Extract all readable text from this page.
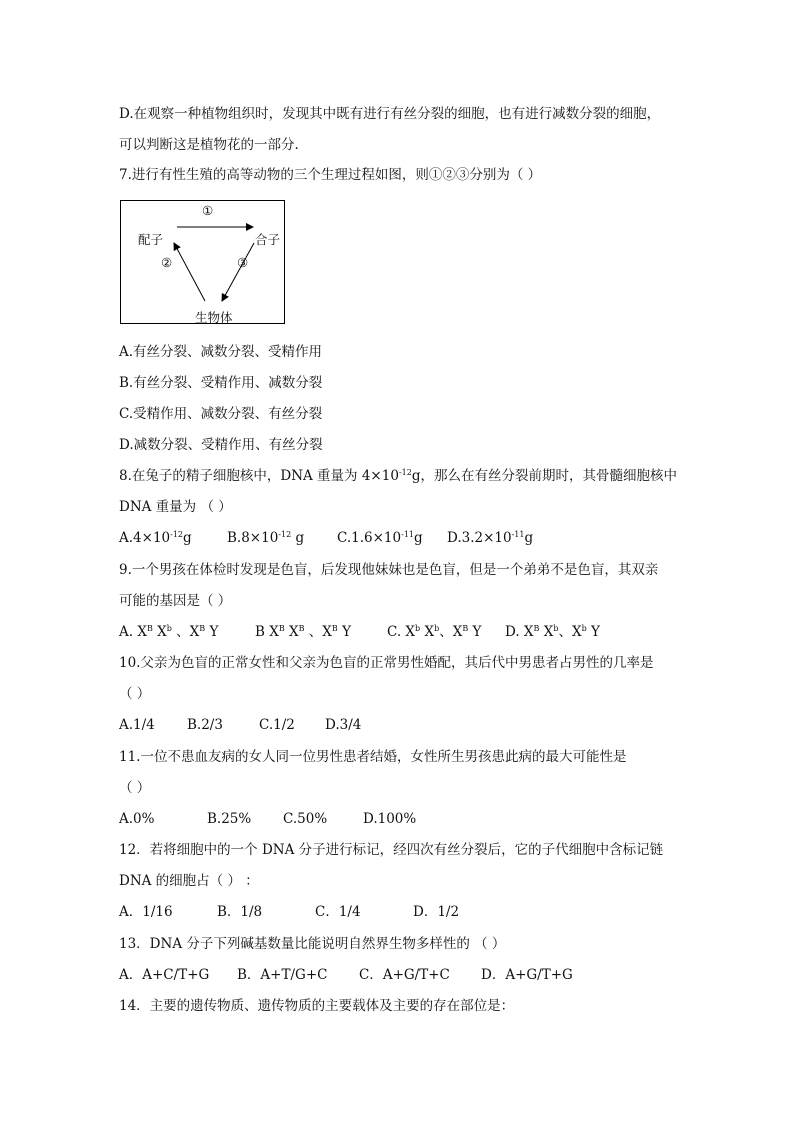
D.在观察一种植物组织时，发现其中既有进行有丝分裂的细胞，也有进行减数分裂的细胞，
可以判断这是植物花的一部分.
7.进行有性生殖的高等动物的三个生理过程如图，则①②③分别为（ ）
配子	合子
生物体
①
②	③
A.有丝分裂、减数分裂、受精作用
B.有丝分裂、受精作用、减数分裂
C.受精作用、减数分裂、有丝分裂
D.减数分裂、受精作用、有丝分裂
8.在兔子的精子细胞核中，DNA 重量为 $4\times 10^{-12}g$，那么在有丝分裂前期时，其骨髓细胞核中
DNA 重量为 （ ）
$A.4\times 10^{-12}g$	$B.8\times 10^{-12}$ g $C.1.6\times 10^{-11}g$ $D.3.2\times 10^{-11}g$
9.一个男孩在体检时发现是色盲，后发现他妹妹也是色盲，但是一个弟弟不是色盲，其双亲
可能的基因是（ ）
A. $X^B$ $X^b$ 、$X^B$ Y	B $X^B$ $X^B$ 、$X^B$ Y	C. $X^b$ $X^b$、$X^B$ Y D. $X^B$ $X^b$、$X^b$ Y
10.父亲为色盲的正常女性和父亲为色盲的正常男性婚配，其后代中男患者占男性的几率是
（ ）
A.1/4 B.2/3	C.1/2 D.3/4
11.一位不患血友病的女人同一位男性患者结婚，女性所生男孩患此病的最大可能性是
（ ）
A.0%	B.25% C.50%	D.100%
12．若将细胞中的一个 DNA 分子进行标记，经四次有丝分裂后，它的子代细胞中含标记链
DNA 的细胞占（ ） ：
A．1/16	B．1/8	C．1/4	D．1/2
13．DNA 分子下列碱基数量比能说明自然界生物多样性的 （ ）
A．A+C/T+G B．A+T/G+C C．A+G/T+C D．A+G/T+G
14．主要的遗传物质、遗传物质的主要载体及主要的存在部位是：
